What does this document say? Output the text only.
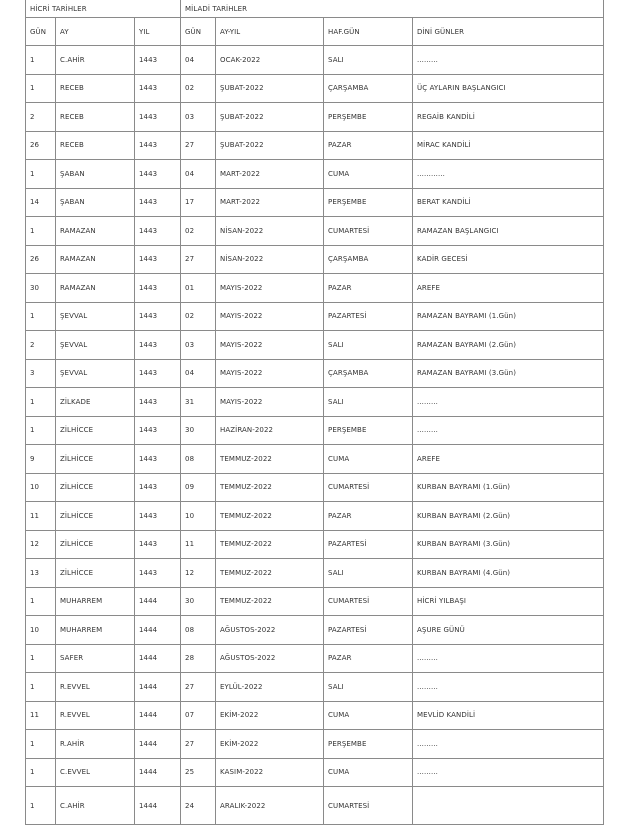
HİCRİ TARİHLER			MİLADİ TARİHLER			
GÜN	AY	YIL	GÜN	AY-YIL	HAF.GÜN	DİNİ GÜNLER
1	C.AHİR	1443	04	OCAK-2022	SALI	.........
1	RECEB	1443	02	ŞUBAT-2022	ÇARŞAMBA	ÜÇ AYLARIN BAŞLANGICI
2	RECEB	1443	03	ŞUBAT-2022	PERŞEMBE	REGAİB KANDİLİ
26	RECEB	1443	27	ŞUBAT-2022	PAZAR	MİRAC KANDİLİ
1	ŞABAN	1443	04	MART-2022	CUMA	............
14	ŞABAN	1443	17	MART-2022	PERŞEMBE	BERAT KANDİLİ
1	RAMAZAN	1443	02	NİSAN-2022	CUMARTESİ	RAMAZAN BAŞLANGICI
26	RAMAZAN	1443	27	NİSAN-2022	ÇARŞAMBA	KADİR GECESİ
30	RAMAZAN	1443	01	MAYIS-2022	PAZAR	AREFE
1	ŞEVVAL	1443	02	MAYIS-2022	PAZARTESİ	RAMAZAN BAYRAMI (1.Gün)
2	ŞEVVAL	1443	03	MAYIS-2022	SALI	RAMAZAN BAYRAMI (2.Gün)
3	ŞEVVAL	1443	04	MAYIS-2022	ÇARŞAMBA	RAMAZAN BAYRAMI (3.Gün)
1	ZİLKADE	1443	31	MAYIS-2022	SALI	.........
1	ZİLHİCCE	1443	30	HAZİRAN-2022	PERŞEMBE	.........
9	ZİLHİCCE	1443	08	TEMMUZ-2022	CUMA	AREFE
10	ZİLHİCCE	1443	09	TEMMUZ-2022	CUMARTESİ	KURBAN BAYRAMI (1.Gün)
11	ZİLHİCCE	1443	10	TEMMUZ-2022	PAZAR	KURBAN BAYRAMI (2.Gün)
12	ZİLHİCCE	1443	11	TEMMUZ-2022	PAZARTESİ	KURBAN BAYRAMI (3.Gün)
13	ZİLHİCCE	1443	12	TEMMUZ-2022	SALI	KURBAN BAYRAMI (4.Gün)
1	MUHARREM	1444	30	TEMMUZ-2022	CUMARTESİ	HİCRİ YILBAŞI
10	MUHARREM	1444	08	AĞUSTOS-2022	PAZARTESİ	AŞURE GÜNÜ
1	SAFER	1444	28	AĞUSTOS-2022	PAZAR	.........
1	R.EVVEL	1444	27	EYLÜL-2022	SALI	.........
11	R.EVVEL	1444	07	EKİM-2022	CUMA	MEVLİD KANDİLİ
1	R.AHİR	1444	27	EKİM-2022	PERŞEMBE	.........
1	C.EVVEL	1444	25	KASIM-2022	CUMA	.........
1	C.AHİR	1444	24	ARALIK-2022	CUMARTESİ	
